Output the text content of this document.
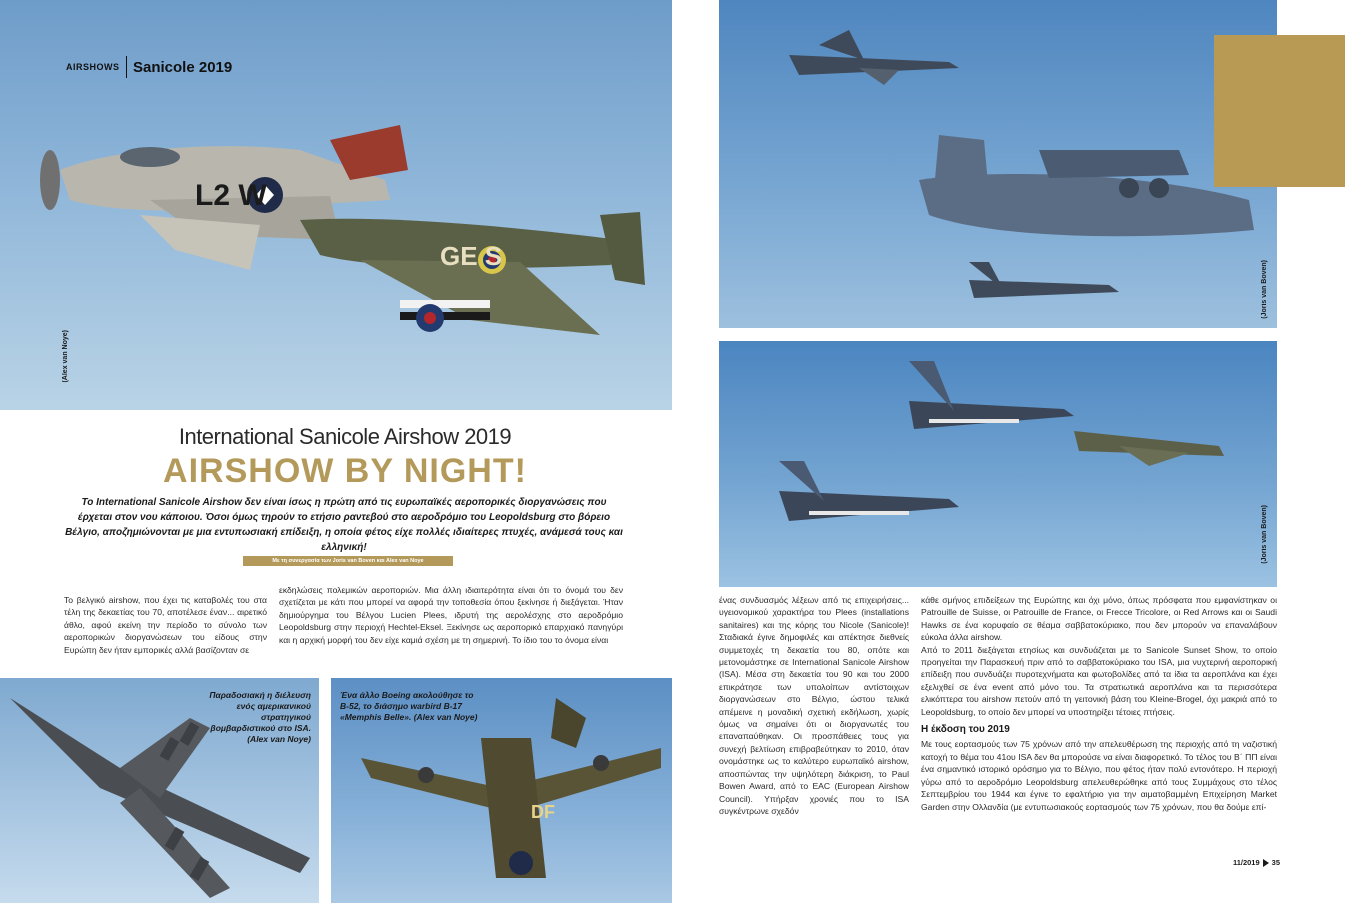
L2 W
GE S
AIRSHOWS Sanicole 2019
(Alex van Noye)
International Sanicole Airshow 2019
AIRSHOW BY NIGHT!
Το International Sanicole Airshow δεν είναι ίσως η πρώτη από τις ευρωπαϊκές αεροπορικές διοργανώσεις που έρχεται στον νου κάποιου. Όσοι όμως τηρούν το ετήσιο ραντεβού στο αεροδρόμιο του Leopoldsburg στο βόρειο Βέλγιο, αποζημιώνονται με μια εντυπωσιακή επίδειξη, η οποία φέτος είχε πολλές ιδιαίτερες πτυχές, ανάμεσά τους και ελληνική!
Με τη συνεργασία των Joris van Boven και Alex van Noye

Το βελγικό airshow, που έχει τις καταβολές του στα τέλη της δεκαετίας του 70, αποτέλεσε έναν... αιρετικό άθλο, αφού εκείνη την περίοδο το σύνολο των αεροπορικών διοργανώσεων του είδους στην Ευρώπη δεν ήταν εμπορικές αλλά βασίζονταν σε

εκδηλώσεις πολεμικών αεροποριών. Μια άλλη ιδιαιτερότητα είναι ότι το όνομά του δεν σχετίζεται με κάτι που μπορεί να αφορά την τοποθεσία όπου ξεκίνησε ή διεξάγεται. Ήταν δημιούργημα του Βέλγου Lucien Plees, ιδρυτή της αερολέσχης στο αεροδρόμιο Leopoldsburg στην περιοχή Hechtel-Eksel. Ξεκίνησε ως αεροπορικό επαρχιακό πανηγύρι και η αρχική μορφή του δεν είχε καμιά σχέση με τη σημερινή. Το ίδιο του το όνομα είναι

Παραδοσιακή η διέλευση ενός αμερικανικού στρατηγικού βομβαρδιστικού στο ISA. (Alex van Noye)
DF
Ένα άλλο Boeing ακολούθησε το B-52, το διάσημο warbird B-17 «Memphis Belle». (Alex van Noye)
(Joris van Boven)
(Joris van Boven)

ένας συνδυασμός λέξεων από τις επιχειρήσεις... υγειονομικού χαρακτήρα του Plees (installations sanitaires) και της κόρης του Nicole (Sanicole)! Σταδιακά έγινε δημοφιλές και απέκτησε διεθνείς συμμετοχές τη δεκαετία του 80, οπότε και μετονομάστηκε σε International Sanicole Airshow (ISA). Μέσα στη δεκαετία του 90 και του 2000 επικράτησε των υπολοίπων αντίστοιχων διοργανώσεων στο Βέλγιο, ώστου τελικά απέμεινε η μοναδική σχετική εκδήλωση, χωρίς όμως να σημαίνει ότι οι διοργανωτές του επαναπαύθηκαν. Οι προσπάθειες τους για συνεχή βελτίωση επιβραβεύτηκαν το 2010, όταν ονομάστηκε ως το καλύτερο ευρωπαϊκό airshow, αποσπώντας την υψηλότερη διάκριση, το Paul Bowen Award, από το EAC (European Airshow Council). Υπήρξαν χρονιές που το ISA συγκέντρωνε σχεδόν

κάθε σμήνος επιδείξεων της Ευρώπης και όχι μόνο, όπως πρόσφατα που εμφανίστηκαν οι Patrouille de Suisse, οι Patrouille de France, οι Frecce Tricolore, οι Red Arrows και οι Saudi Hawks σε ένα κορυφαίο σε θέαμα σαββατοκύριακο, που δεν μπορούν να επαναλάβουν εύκολα άλλα airshow.

Από το 2011 διεξάγεται ετησίως και συνδυάζεται με το Sanicole Sunset Show, το οποίο προηγείται την Παρασκευή πριν από το σαββατοκύριακο του ISA, μια νυχτερινή αεροπορική επίδειξη που συνδυάζει πυροτεχνήματα και φωτοβολίδες από τα ίδια τα αεροπλάνα και έχει εξελιχθεί σε ένα event από μόνο του. Τα στρατιωτικά αεροπλάνα και τα περισσότερα ελικόπτερα του airshow πετούν από τη γειτονική βάση του Kleine-Brogel, όχι μακριά από το Leopoldsburg, το οποίο δεν μπορεί να υποστηρίξει τέτοιες πτήσεις.

Η έκδοση του 2019

Με τους εορτασμούς των 75 χρόνων από την απελευθέρωση της περιοχής από τη ναζιστική κατοχή το θέμα του 41ου ISA δεν θα μπορούσε να είναι διαφορετικό. Το τέλος του Β΄ ΠΠ είναι ένα σημαντικό ιστορικό ορόσημο για το Βέλγιο, που φέτος ήταν πολύ εντονότερο. Η περιοχή γύρω από το αεροδρόμιο Leopoldsburg απελευθερώθηκε από τους Συμμάχους στο τέλος Σεπτεμβρίου του 1944 και έγινε το εφαλτήριο για την αιματοβαμμένη Επιχείρηση Market Garden στην Ολλανδία (με εντυπωσιακούς εορτασμούς των 75 χρόνων, που θα δούμε επί-

11/2019 35
